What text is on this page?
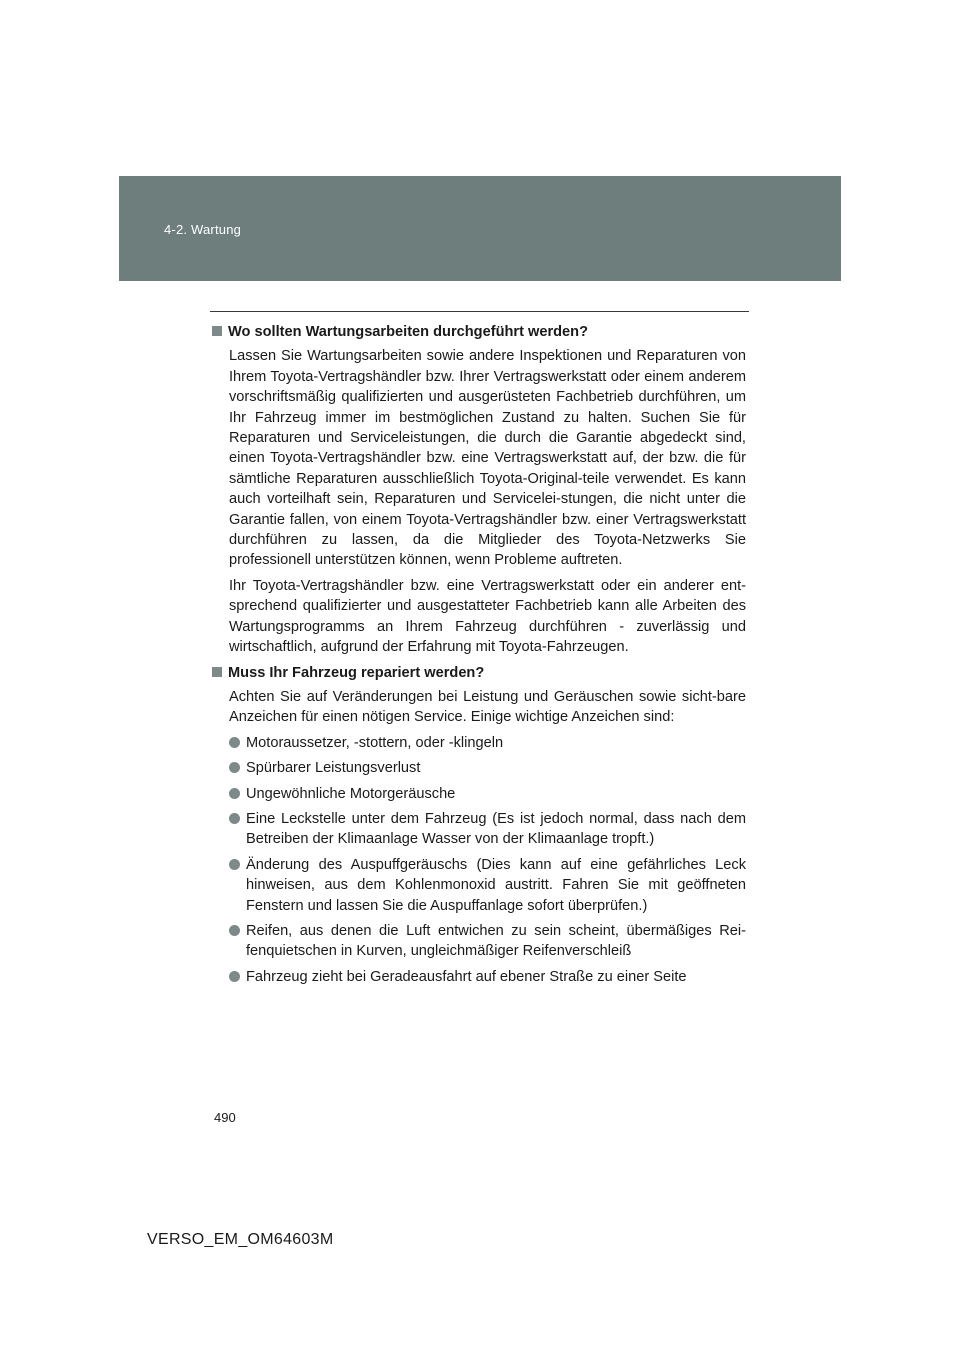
4-2. Wartung
Wo sollten Wartungsarbeiten durchgeführt werden?

Lassen Sie Wartungsarbeiten sowie andere Inspektionen und Reparaturen von Ihrem Toyota-Vertragshändler bzw. Ihrer Vertragswerkstatt oder einem anderem vorschriftsmäßig qualifizierten und ausgerüsteten Fachbetrieb durchführen, um Ihr Fahrzeug immer im bestmöglichen Zustand zu halten. Suchen Sie für Reparaturen und Serviceleistungen, die durch die Garantie abgedeckt sind, einen Toyota-Vertragshändler bzw. eine Vertragswerkstatt auf, der bzw. die für sämtliche Reparaturen ausschließlich Toyota-Original-teile verwendet. Es kann auch vorteilhaft sein, Reparaturen und Servicelei-stungen, die nicht unter die Garantie fallen, von einem Toyota-Vertragshändler bzw. einer Vertragswerkstatt durchführen zu lassen, da die Mitglieder des Toyota-Netzwerks Sie professionell unterstützen können, wenn Probleme auftreten.

Ihr Toyota-Vertragshändler bzw. eine Vertragswerkstatt oder ein anderer ent-sprechend qualifizierter und ausgestatteter Fachbetrieb kann alle Arbeiten des Wartungsprogramms an Ihrem Fahrzeug durchführen - zuverlässig und wirtschaftlich, aufgrund der Erfahrung mit Toyota-Fahrzeugen.

Muss Ihr Fahrzeug repariert werden?

Achten Sie auf Veränderungen bei Leistung und Geräuschen sowie sicht-bare Anzeichen für einen nötigen Service. Einige wichtige Anzeichen sind:

Motoraussetzer, -stottern, oder -klingeln
Spürbarer Leistungsverlust
Ungewöhnliche Motorgeräusche
Eine Leckstelle unter dem Fahrzeug (Es ist jedoch normal, dass nach dem Betreiben der Klimaanlage Wasser von der Klimaanlage tropft.)
Änderung des Auspuffgeräuschs (Dies kann auf eine gefährliches Leck hinweisen, aus dem Kohlenmonoxid austritt. Fahren Sie mit geöffneten Fenstern und lassen Sie die Auspuffanlage sofort überprüfen.)
Reifen, aus denen die Luft entwichen zu sein scheint, übermäßiges Rei-fenquietschen in Kurven, ungleichmäßiger Reifenverschleiß
Fahrzeug zieht bei Geradeausfahrt auf ebener Straße zu einer Seite
490
VERSO_EM_OM64603M
